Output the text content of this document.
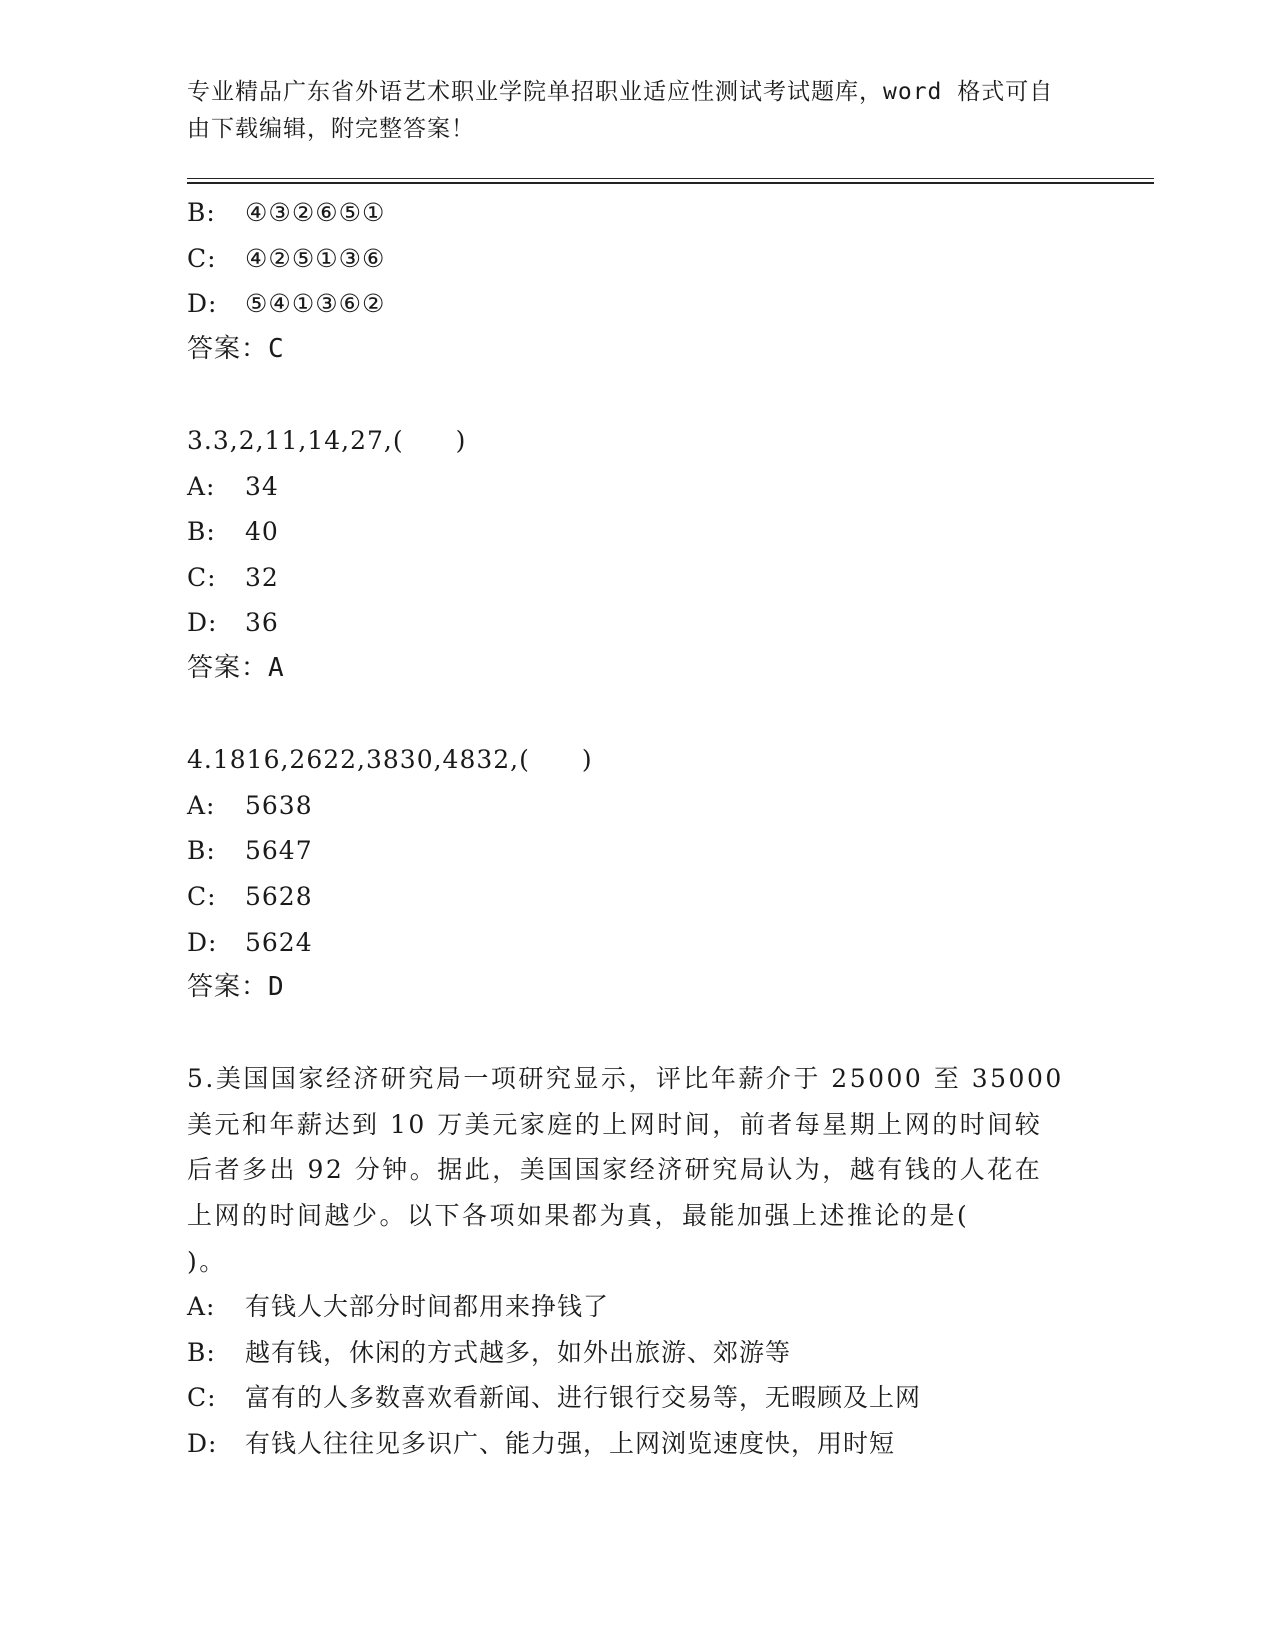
专业精品广东省外语艺术职业学院单招职业适应性测试考试题库，word 格式可自
由下载编辑，附完整答案！
B: ④③②⑥⑤①
C: ④②⑤①③⑥
D: ⑤④①③⑥②
答案：C
3.3,2,11,14,27,(　　)
A: 34
B: 40
C: 32
D: 36
答案：A
4.1816,2622,3830,4832,(　　)
A: 5638
B: 5647
C: 5628
D: 5624
答案：D
5.美国国家经济研究局一项研究显示，评比年薪介于 25000 至 35000
美元和年薪达到 10 万美元家庭的上网时间，前者每星期上网的时间较
后者多出 92 分钟。据此，美国国家经济研究局认为，越有钱的人花在
上网的时间越少。以下各项如果都为真，最能加强上述推论的是(
)。
A: 有钱人大部分时间都用来挣钱了
B: 越有钱，休闲的方式越多，如外出旅游、郊游等
C: 富有的人多数喜欢看新闻、进行银行交易等，无暇顾及上网
D: 有钱人往往见多识广、能力强，上网浏览速度快，用时短
